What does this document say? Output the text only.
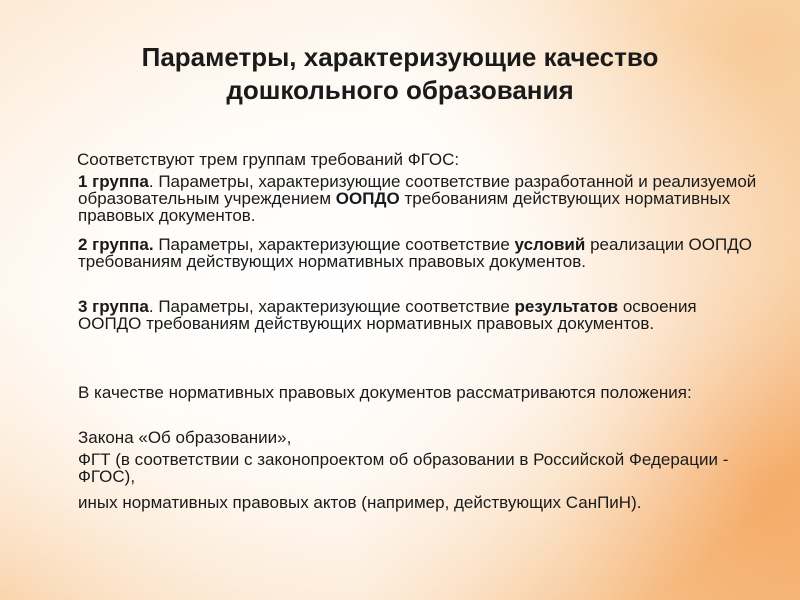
Параметры, характеризующие качество
дошкольного образования

Соответствуют трем группам требований ФГОС:

1 группа. Параметры, характеризующие соответствие разработанной и реализуемой образовательным учреждением ООПДО требованиям действующих нормативных правовых документов.

2 группа. Параметры, характеризующие соответствие условий реализации ООПДО требованиям действующих нормативных правовых документов.

3 группа. Параметры, характеризующие соответствие результатов освоения ООПДО требованиям действующих нормативных правовых документов.

В качестве нормативных правовых документов рассматриваются положения:

Закона «Об образовании»,

ФГТ (в соответствии с законопроектом об образовании в Российской Федерации - ФГОС),

иных нормативных правовых актов (например, действующих СанПиН).
